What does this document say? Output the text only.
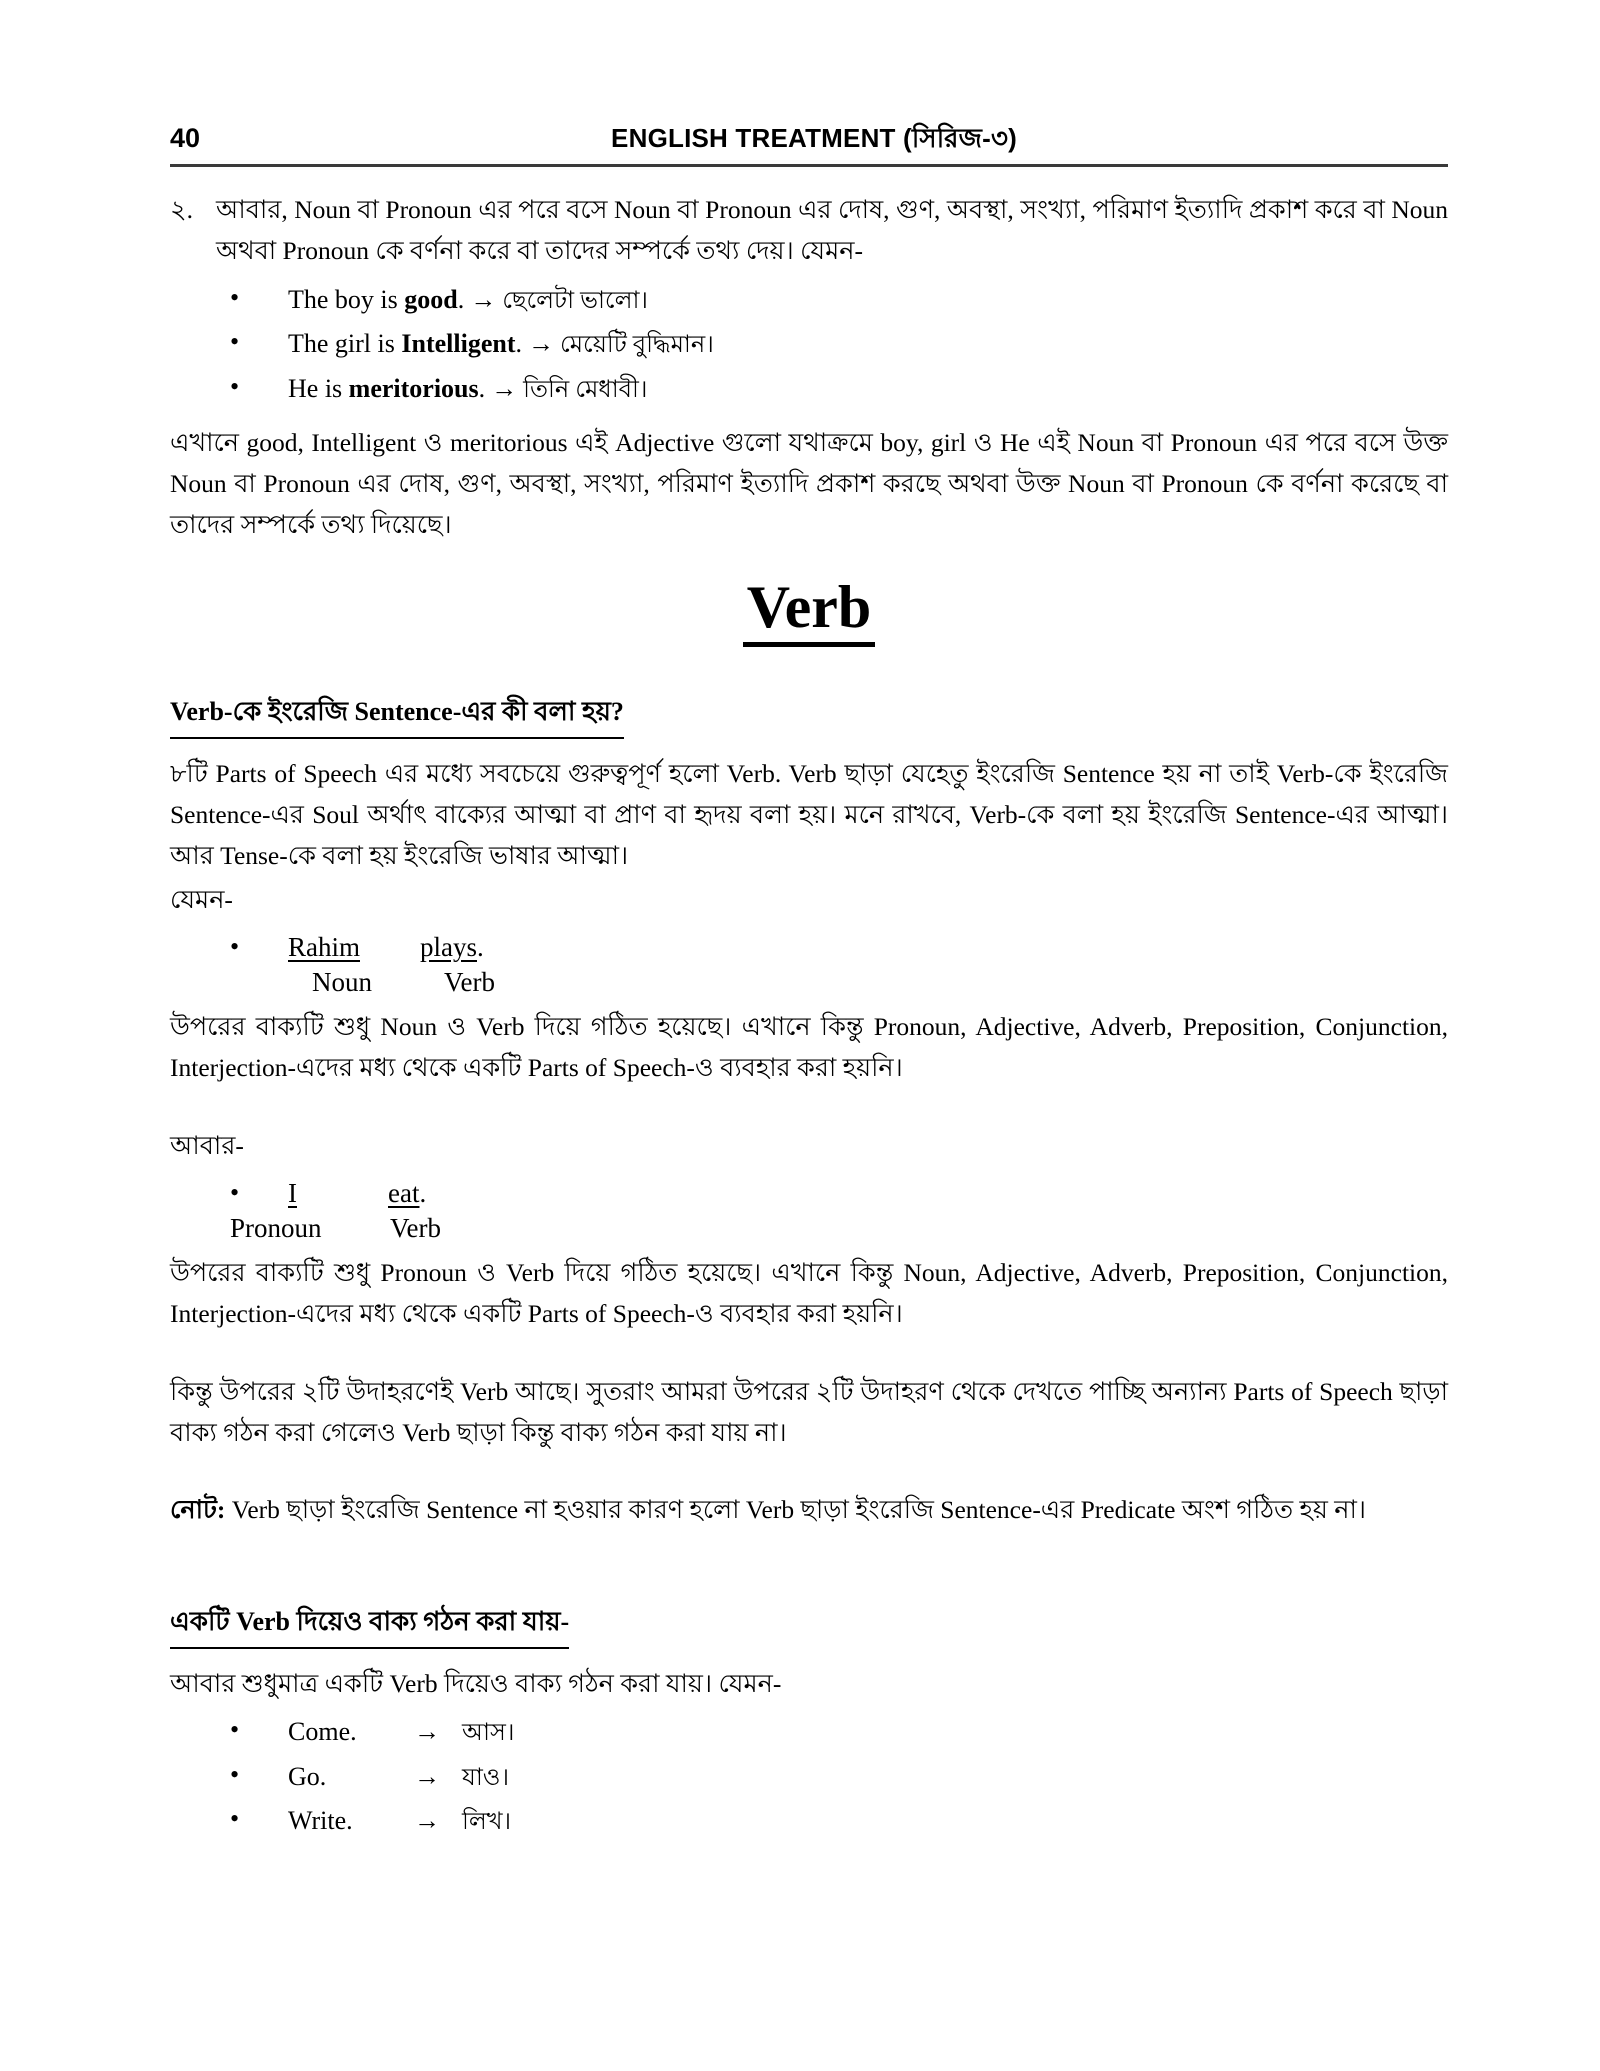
40	ENGLISH TREATMENT (সিরিজ-৩)
২. আবার, Noun বা Pronoun এর পরে বসে Noun বা Pronoun এর দোষ, গুণ, অবস্থা, সংখ্যা, পরিমাণ ইত্যাদি প্রকাশ করে বা Noun অথবা Pronoun কে বর্ণনা করে বা তাদের সম্পর্কে তথ্য দেয়। যেমন-
• The boy is good. → ছেলেটা ভালো।
• The girl is Intelligent. → মেয়েটি বুদ্ধিমান।
• He is meritorious. → তিনি মেধাবী।

এখানে good, Intelligent ও meritorious এই Adjective গুলো যথাক্রমে boy, girl ও He এই Noun বা Pronoun এর পরে বসে উক্ত Noun বা Pronoun এর দোষ, গুণ, অবস্থা, সংখ্যা, পরিমাণ ইত্যাদি প্রকাশ করছে অথবা উক্ত Noun বা Pronoun কে বর্ণনা করেছে বা তাদের সম্পর্কে তথ্য দিয়েছে।

Verb
Verb-কে ইংরেজি Sentence-এর কী বলা হয়?

৮টি Parts of Speech এর মধ্যে সবচেয়ে গুরুত্বপূর্ণ হলো Verb. Verb ছাড়া যেহেতু ইংরেজি Sentence হয় না তাই Verb-কে ইংরেজি Sentence-এর Soul অর্থাৎ বাক্যের আত্মা বা প্রাণ বা হৃদয় বলা হয়। মনে রাখবে, Verb-কে বলা হয় ইংরেজি Sentence-এর আত্মা। আর Tense-কে বলা হয় ইংরেজি ভাষার আত্মা।

যেমন-

• Rahim plays.
Noun	Verb

উপরের বাক্যটি শুধু Noun ও Verb দিয়ে গঠিত হয়েছে। এখানে কিন্তু Pronoun, Adjective, Adverb, Preposition, Conjunction, Interjection-এদের মধ্য থেকে একটি Parts of Speech-ও ব্যবহার করা হয়নি।

আবার-

• I	eat.
Pronoun	Verb

উপরের বাক্যটি শুধু Pronoun ও Verb দিয়ে গঠিত হয়েছে। এখানে কিন্তু Noun, Adjective, Adverb, Preposition, Conjunction, Interjection-এদের মধ্য থেকে একটি Parts of Speech-ও ব্যবহার করা হয়নি।

কিন্তু উপরের ২টি উদাহরণেই Verb আছে। সুতরাং আমরা উপরের ২টি উদাহরণ থেকে দেখতে পাচ্ছি অন্যান্য Parts of Speech ছাড়া বাক্য গঠন করা গেলেও Verb ছাড়া কিন্তু বাক্য গঠন করা যায় না।

নোট: Verb ছাড়া ইংরেজি Sentence না হওয়ার কারণ হলো Verb ছাড়া ইংরেজি Sentence-এর Predicate অংশ গঠিত হয় না।

একটি Verb দিয়েও বাক্য গঠন করা যায়-

আবার শুধুমাত্র একটি Verb দিয়েও বাক্য গঠন করা যায়। যেমন-

• Come. → আস।
• Go.	→ যাও।
• Write. → লিখ।
